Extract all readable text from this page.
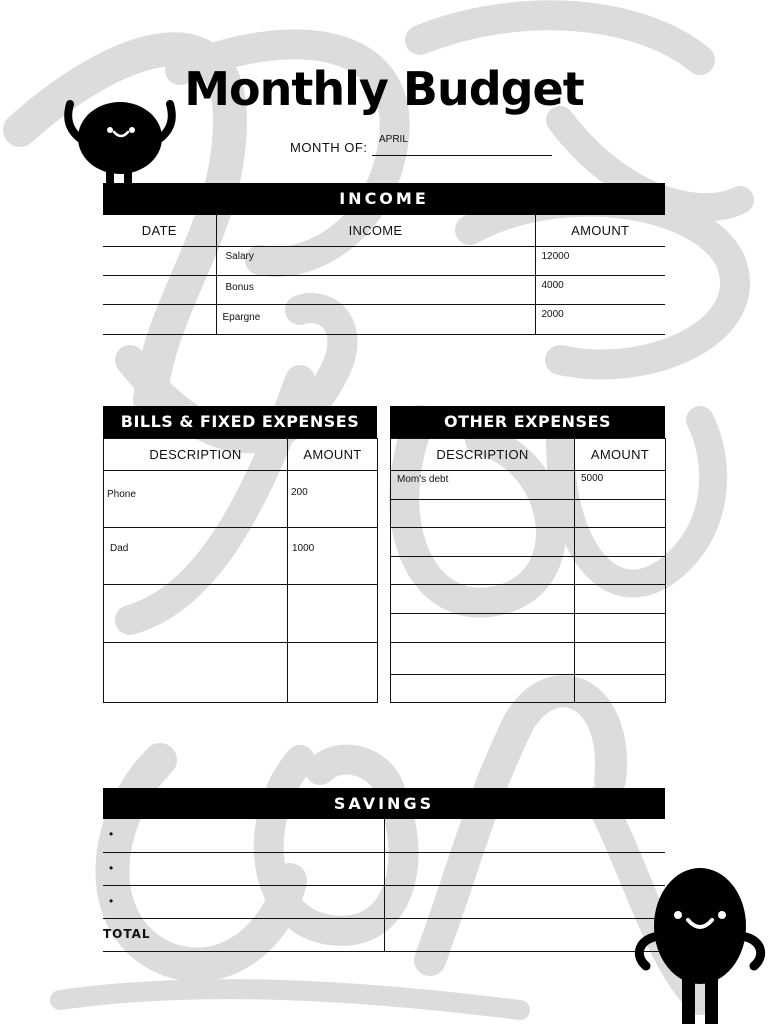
Monthly Budget
MONTH OF:
APRIL
INCOME
DATE	INCOME	AMOUNT

	Salary	12000

	Bonus	4000

	Epargne	2000
BILLS & FIXED EXPENSES
DESCRIPTION	AMOUNT

Phone	200

Dad	1000

OTHER EXPENSES
DESCRIPTION	AMOUNT

Mom's debt	5000

SAVINGS
•	

•	

•	

TOTAL	
